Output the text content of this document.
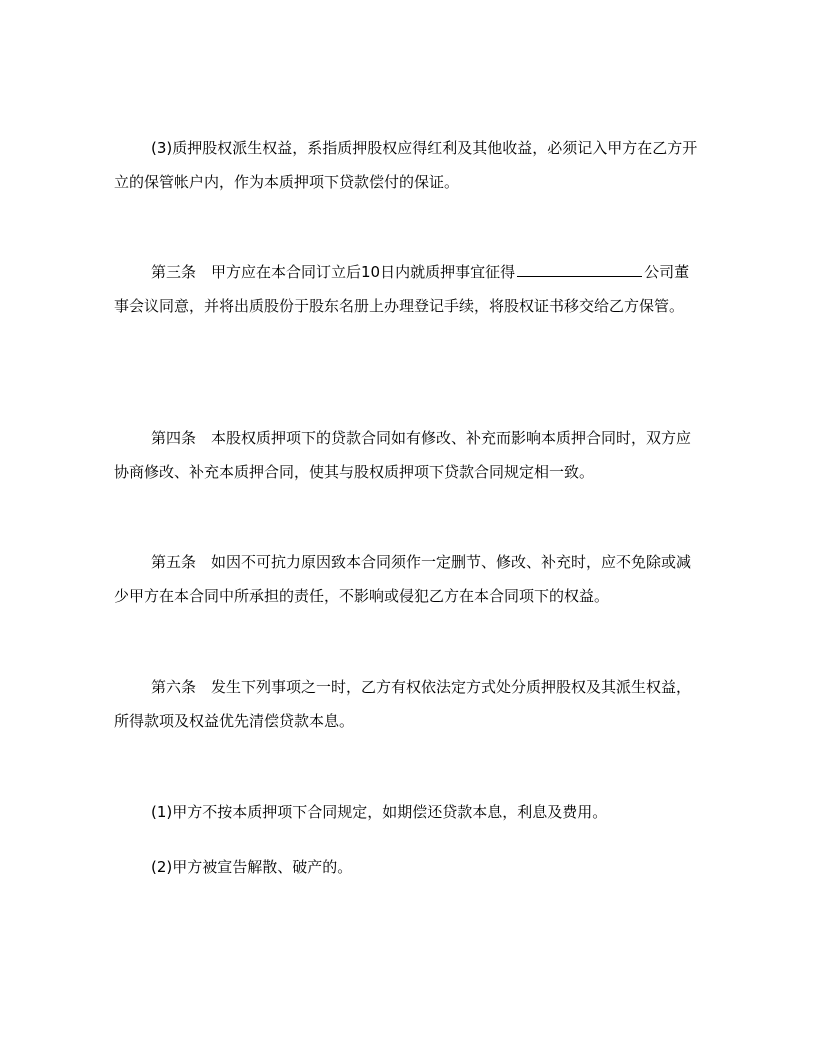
(3)质押股权派生权益，系指质押股权应得红利及其他收益，必须记入甲方在乙方开立的保管帐户内，作为本质押项下贷款偿付的保证。
第三条　甲方应在本合同订立后10日内就质押事宜征得	公司董事会议同意，并将出质股份于股东名册上办理登记手续，将股权证书移交给乙方保管。
第四条　本股权质押项下的贷款合同如有修改、补充而影响本质押合同时，双方应协商修改、补充本质押合同，使其与股权质押项下贷款合同规定相一致。
第五条　如因不可抗力原因致本合同须作一定删节、修改、补充时，应不免除或减少甲方在本合同中所承担的责任，不影响或侵犯乙方在本合同项下的权益。
第六条　发生下列事项之一时，乙方有权依法定方式处分质押股权及其派生权益，所得款项及权益优先清偿贷款本息。
(1)甲方不按本质押项下合同规定，如期偿还贷款本息，利息及费用。
(2)甲方被宣告解散、破产的。
